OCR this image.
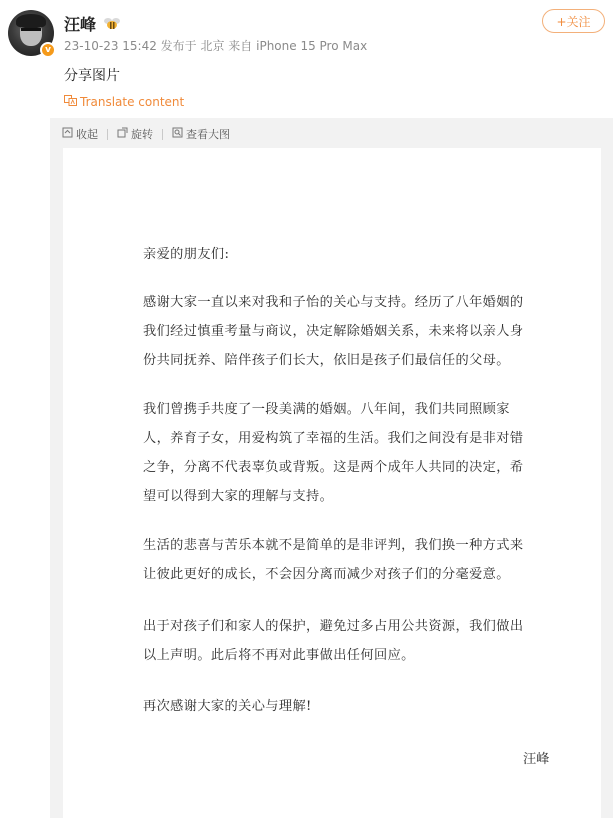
v
汪峰
23-10-23 15:42 发布于 北京 来自 iPhone 15 Pro Max
+关注
分享图片
Translate content
收起	旋转	查看大图

亲爱的朋友们:

感谢大家一直以来对我和子怡的关心与支持。经历了八年婚姻的我们经过慎重考量与商议，决定解除婚姻关系，未来将以亲人身份共同抚养、陪伴孩子们长大，依旧是孩子们最信任的父母。

我们曾携手共度了一段美满的婚姻。八年间，我们共同照顾家人，养育子女，用爱构筑了幸福的生活。我们之间没有是非对错之争，分离不代表辜负或背叛。这是两个成年人共同的决定，希望可以得到大家的理解与支持。

生活的悲喜与苦乐本就不是简单的是非评判，我们换一种方式来让彼此更好的成长，不会因分离而减少对孩子们的分毫爱意。

出于对孩子们和家人的保护，避免过多占用公共资源，我们做出以上声明。此后将不再对此事做出任何回应。

再次感谢大家的关心与理解!

汪峰
